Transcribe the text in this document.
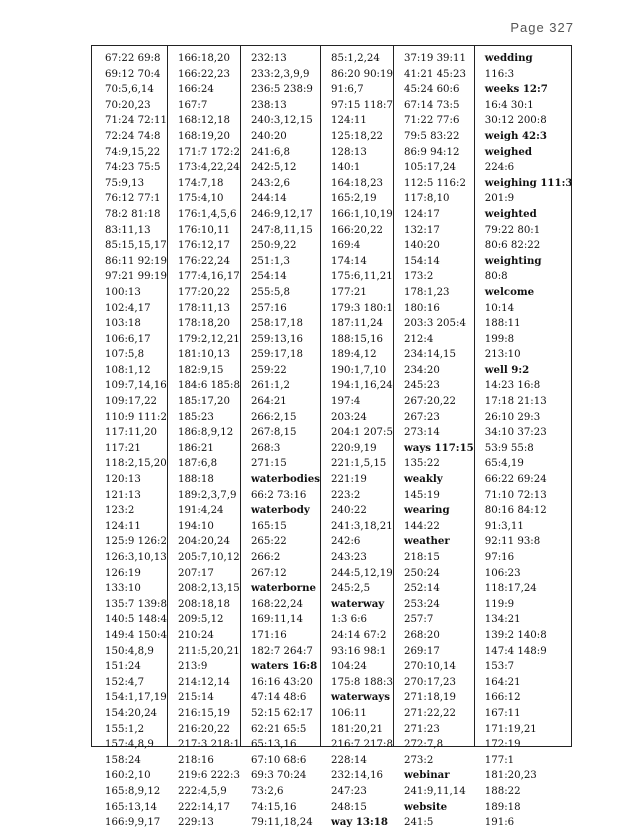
Page 327
67:22 69:8
69:12 70:4
70:5,6,14
70:20,23
71:24 72:11
72:24 74:8
74:9,15,22
74:23 75:5
75:9,13
76:12 77:1
78:2 81:18
83:11,13
85:15,15,17
86:11 92:19
97:21 99:19
100:13
102:4,17
103:18
106:6,17
107:5,8
108:1,12
109:7,14,16
109:17,22
110:9 111:2
117:11,20
117:21
118:2,15,20
120:13
121:13
123:2
124:11
125:9 126:2
126:3,10,13
126:19
133:10
135:7 139:8
140:5 148:4
149:4 150:4
150:4,8,9
151:24
152:4,7
154:1,17,19
154:20,24
155:1,2
157:4,8,9
158:24
160:2,10
165:8,9,12
165:13,14
166:9,9,17
166:18,20
166:22,23
166:24
167:7
168:12,18
168:19,20
171:7 172:2
173:4,22,24
174:7,18
175:4,10
176:1,4,5,6
176:10,11
176:12,17
176:22,24
177:4,16,17
177:20,22
178:11,13
178:18,20
179:2,12,21
181:10,13
182:9,15
184:6 185:8
185:17,20
185:23
186:8,9,12
186:21
187:6,8
188:18
189:2,3,7,9
191:4,24
194:10
204:20,24
205:7,10,12
207:17
208:2,13,15
208:18,18
209:5,12
210:24
211:5,20,21
213:9
214:12,14
215:14
216:15,19
216:20,22
217:3 218:1
218:16
219:6 222:3
222:4,5,9
222:14,17
229:13
232:13
233:2,3,9,9
236:5 238:9
238:13
240:3,12,15
240:20
241:6,8
242:5,12
243:2,6
244:14
246:9,12,17
247:8,11,15
250:9,22
251:1,3
254:14
255:5,8
257:16
258:17,18
259:13,16
259:17,18
259:22
261:1,2
264:21
266:2,15
267:8,15
268:3
271:15
waterbodies
66:2 73:16
waterbody
165:15
265:22
266:2
267:12
waterborne
168:22,24
169:11,14
171:16
182:7 264:7
waters 16:8
16:16 43:20
47:14 48:6
52:15 62:17
62:21 65:5
65:13,16
67:10 68:6
69:3 70:24
73:2,6
74:15,16
79:11,18,24
85:1,2,24
86:20 90:19
91:6,7
97:15 118:7
124:11
125:18,22
128:13
140:1
164:18,23
165:2,19
166:1,10,19
166:20,22
169:4
174:14
175:6,11,21
177:21
179:3 180:1
187:11,24
188:15,16
189:4,12
190:1,7,10
194:1,16,24
197:4
203:24
204:1 207:5
220:9,19
221:1,5,15
221:19
223:2
240:22
241:3,18,21
242:6
243:23
244:5,12,19
245:2,5
waterway
1:3 6:6
24:14 67:2
93:16 98:1
104:24
175:8 188:3
waterways
106:11
181:20,21
216:7 217:8
228:14
232:14,16
247:23
248:15
way 13:18
37:19 39:11
41:21 45:23
45:24 60:6
67:14 73:5
71:22 77:6
79:5 83:22
86:9 94:12
105:17,24
112:5 116:2
117:8,10
124:17
132:17
140:20
154:14
173:2
178:1,23
180:16
203:3 205:4
212:4
234:14,15
234:20
245:23
267:20,22
267:23
273:14
ways 117:15
135:22
weakly
145:19
wearing
144:22
weather
218:15
250:24
252:14
253:24
257:7
268:20
269:17
270:10,14
270:17,23
271:18,19
271:22,22
271:23
272:7,8
273:2
webinar
241:9,11,14
website
241:5
wedding
116:3
weeks 12:7
16:4 30:1
30:12 200:8
weigh 42:3
weighed
224:6
weighing 111:3
201:9
weighted
79:22 80:1
80:6 82:22
weighting
80:8
welcome
10:14
188:11
199:8
213:10
well 9:2
14:23 16:8
17:18 21:13
26:10 29:3
34:10 37:23
53:9 55:8
65:4,19
66:22 69:24
71:10 72:13
80:16 84:12
91:3,11
92:11 93:8
97:16
106:23
118:17,24
119:9
134:21
139:2 140:8
147:4 148:9
153:7
164:21
166:12
167:11
171:19,21
172:19
177:1
181:20,23
188:22
189:18
191:6
